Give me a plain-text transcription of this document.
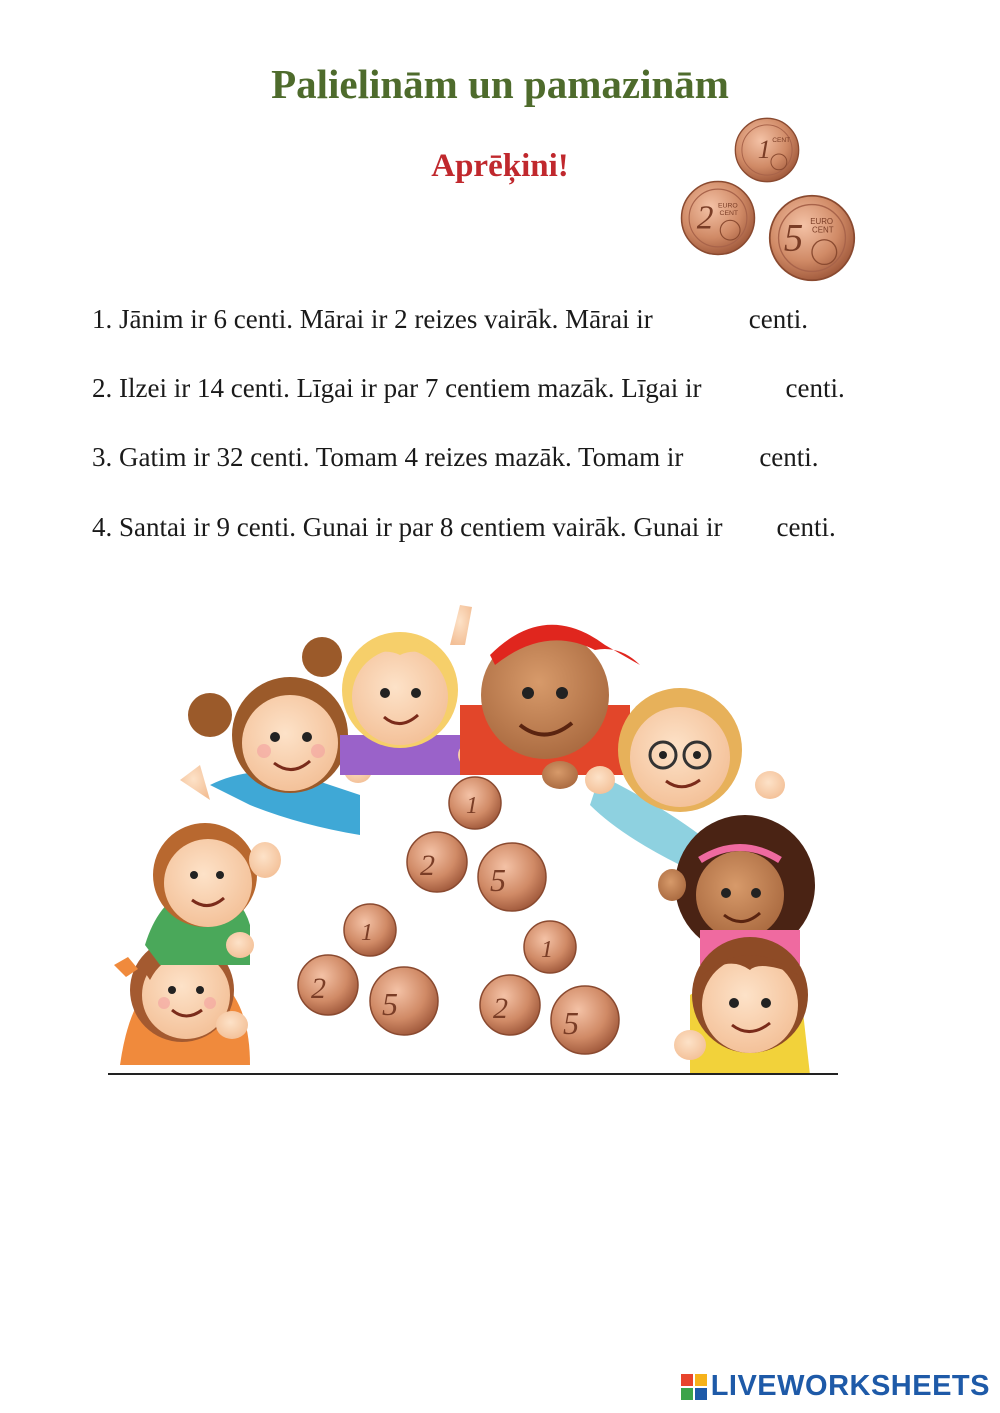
Palielinām un pamazinām
Aprēķini!	1 CENT
2 EURO
CENT
5 EURO
CENT
1. Jānim ir 6 centi. Mārai ir 2 reizes vairāk. Mārai ir	centi.
2. Ilzei ir 14 centi. Līgai ir par 7 centiem mazāk. Līgai ir	centi.
3. Gatim ir 32 centi. Tomam 4 reizes mazāk. Tomam ir	centi.
4. Santai ir 9 centi. Gunai ir par 8 centiem vairāk. Gunai ir centi.
1
2 5
1
1
2 5	2 5
LIVEWORKSHEETS
